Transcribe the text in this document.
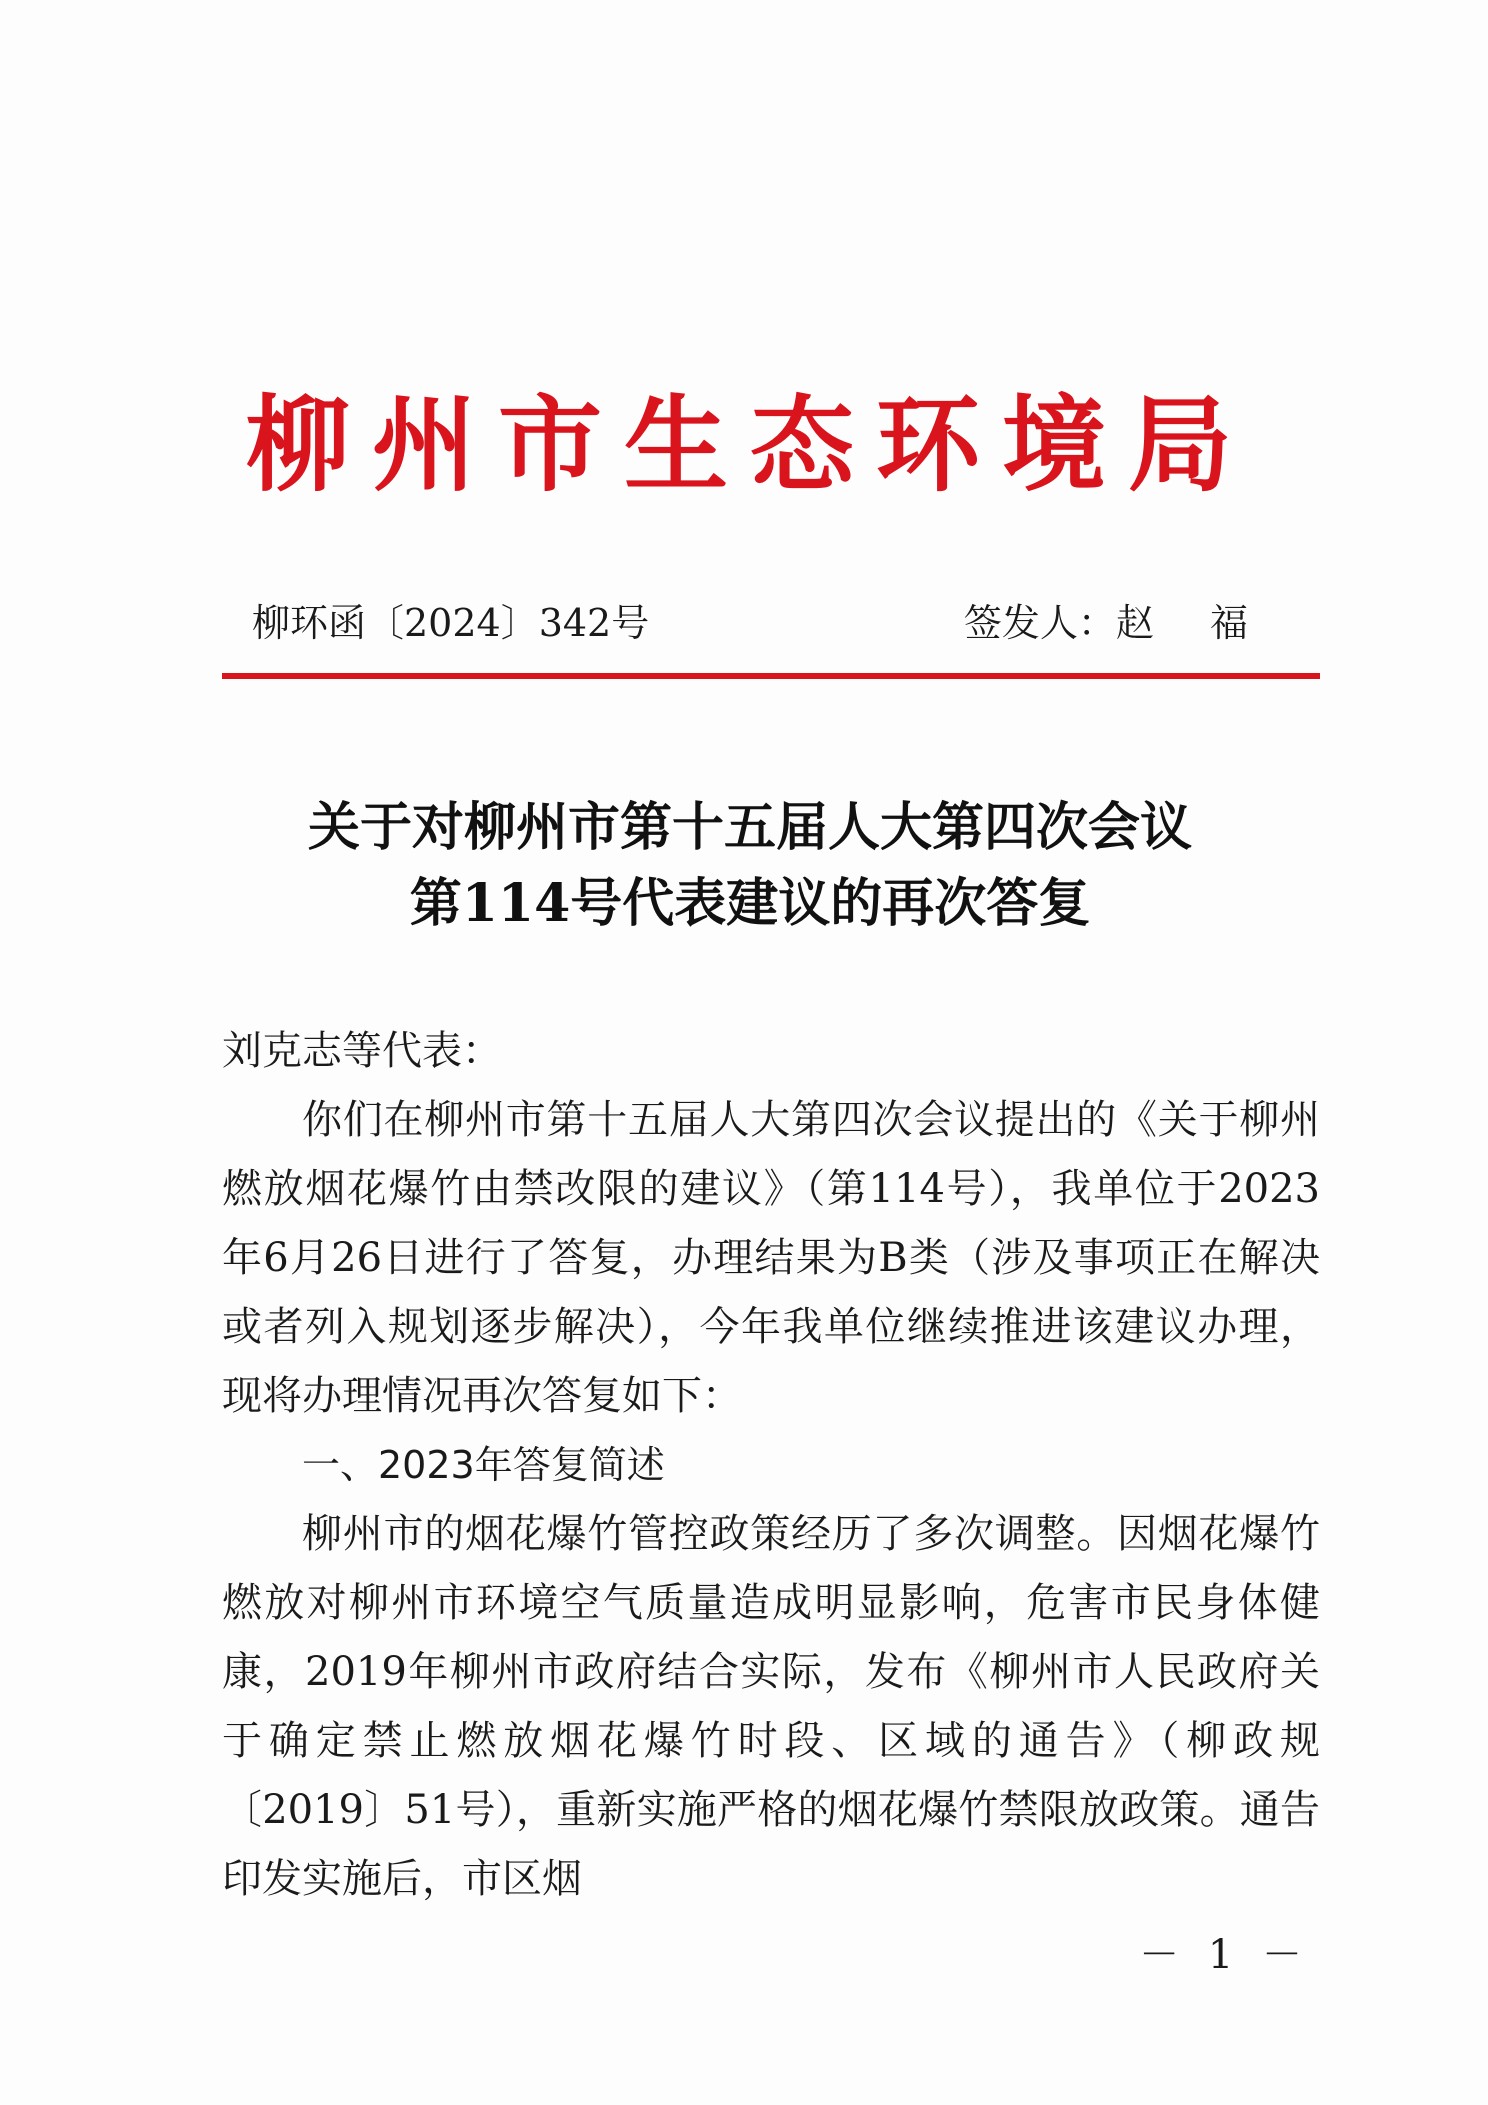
柳州市生态环境局
柳环函〔2024〕342号	签发人：赵 福
关于对柳州市第十五届人大第四次会议
第114号代表建议的再次答复

刘克志等代表：

你们在柳州市第十五届人大第四次会议提出的《关于柳州燃放烟花爆竹由禁改限的建议》（第114号），我单位于2023年6月26日进行了答复，办理结果为B类（涉及事项正在解决或者列入规划逐步解决），今年我单位继续推进该建议办理，现将办理情况再次答复如下：

一、2023年答复简述

柳州市的烟花爆竹管控政策经历了多次调整。因烟花爆竹燃放对柳州市环境空气质量造成明显影响，危害市民身体健康，2019年柳州市政府结合实际，发布《柳州市人民政府关于确定禁止燃放烟花爆竹时段、区域的通告》（柳政规〔2019〕51号），重新实施严格的烟花爆竹禁限放政策。通告印发实施后，市区烟

－ 1 －
